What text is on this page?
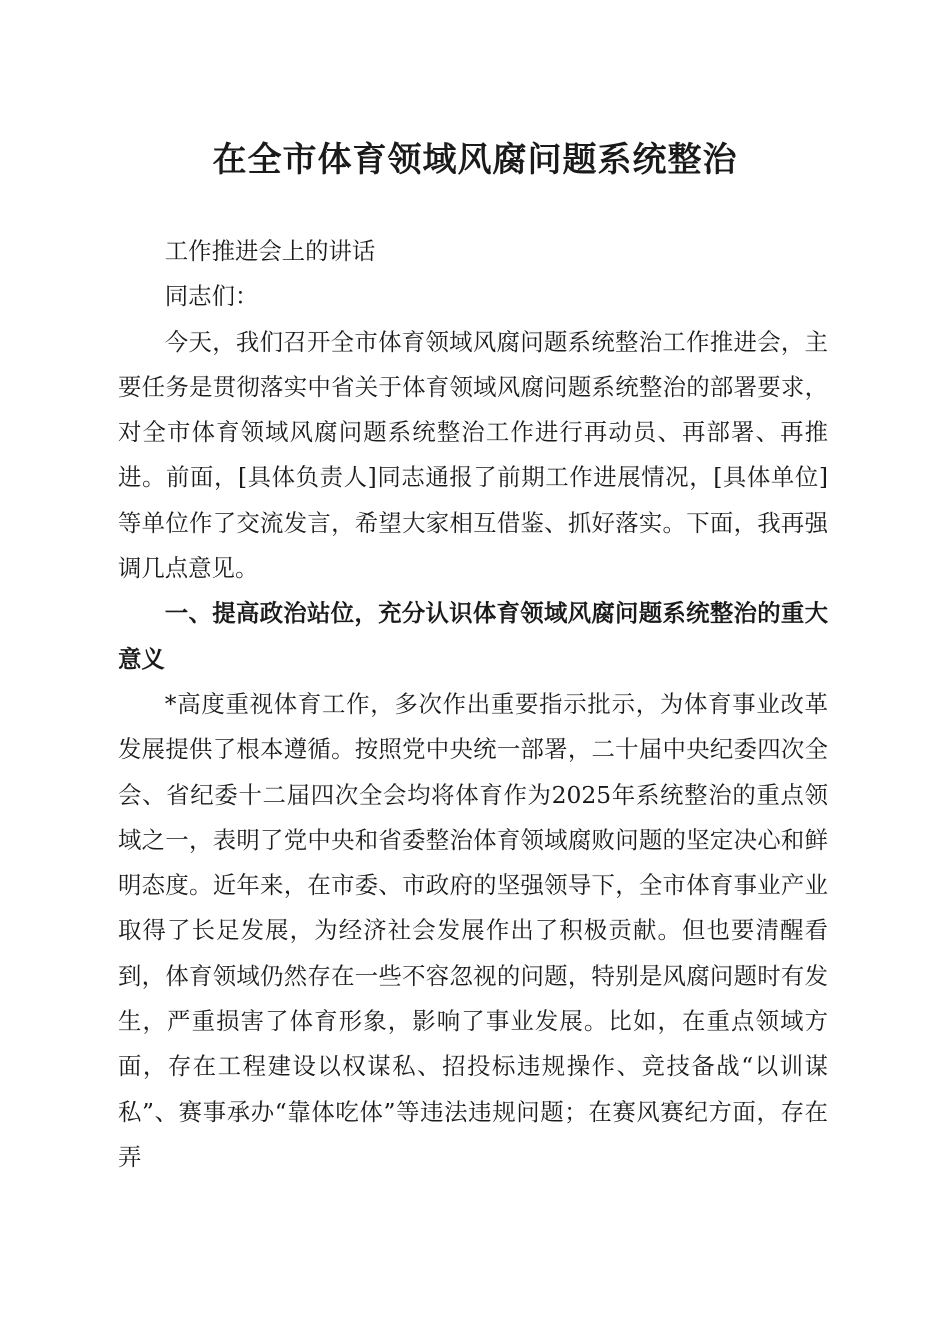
在全市体育领域风腐问题系统整治

工作推进会上的讲话

同志们：

今天，我们召开全市体育领域风腐问题系统整治工作推进会，主要任务是贯彻落实中省关于体育领域风腐问题系统整治的部署要求，对全市体育领域风腐问题系统整治工作进行再动员、再部署、再推进。前面，[具体负责人]同志通报了前期工作进展情况，[具体单位]等单位作了交流发言，希望大家相互借鉴、抓好落实。下面，我再强调几点意见。

一、提高政治站位，充分认识体育领域风腐问题系统整治的重大意义

*高度重视体育工作，多次作出重要指示批示，为体育事业改革发展提供了根本遵循。按照党中央统一部署，二十届中央纪委四次全会、省纪委十二届四次全会均将体育作为2025年系统整治的重点领域之一，表明了党中央和省委整治体育领域腐败问题的坚定决心和鲜明态度。近年来，在市委、市政府的坚强领导下，全市体育事业产业取得了长足发展，为经济社会发展作出了积极贡献。但也要清醒看到，体育领域仍然存在一些不容忽视的问题，特别是风腐问题时有发生，严重损害了体育形象，影响了事业发展。比如，在重点领域方面，存在工程建设以权谋私、招投标违规操作、竞技备战“以训谋私”、赛事承办“靠体吃体”等违法违规问题；在赛风赛纪方面，存在弄
